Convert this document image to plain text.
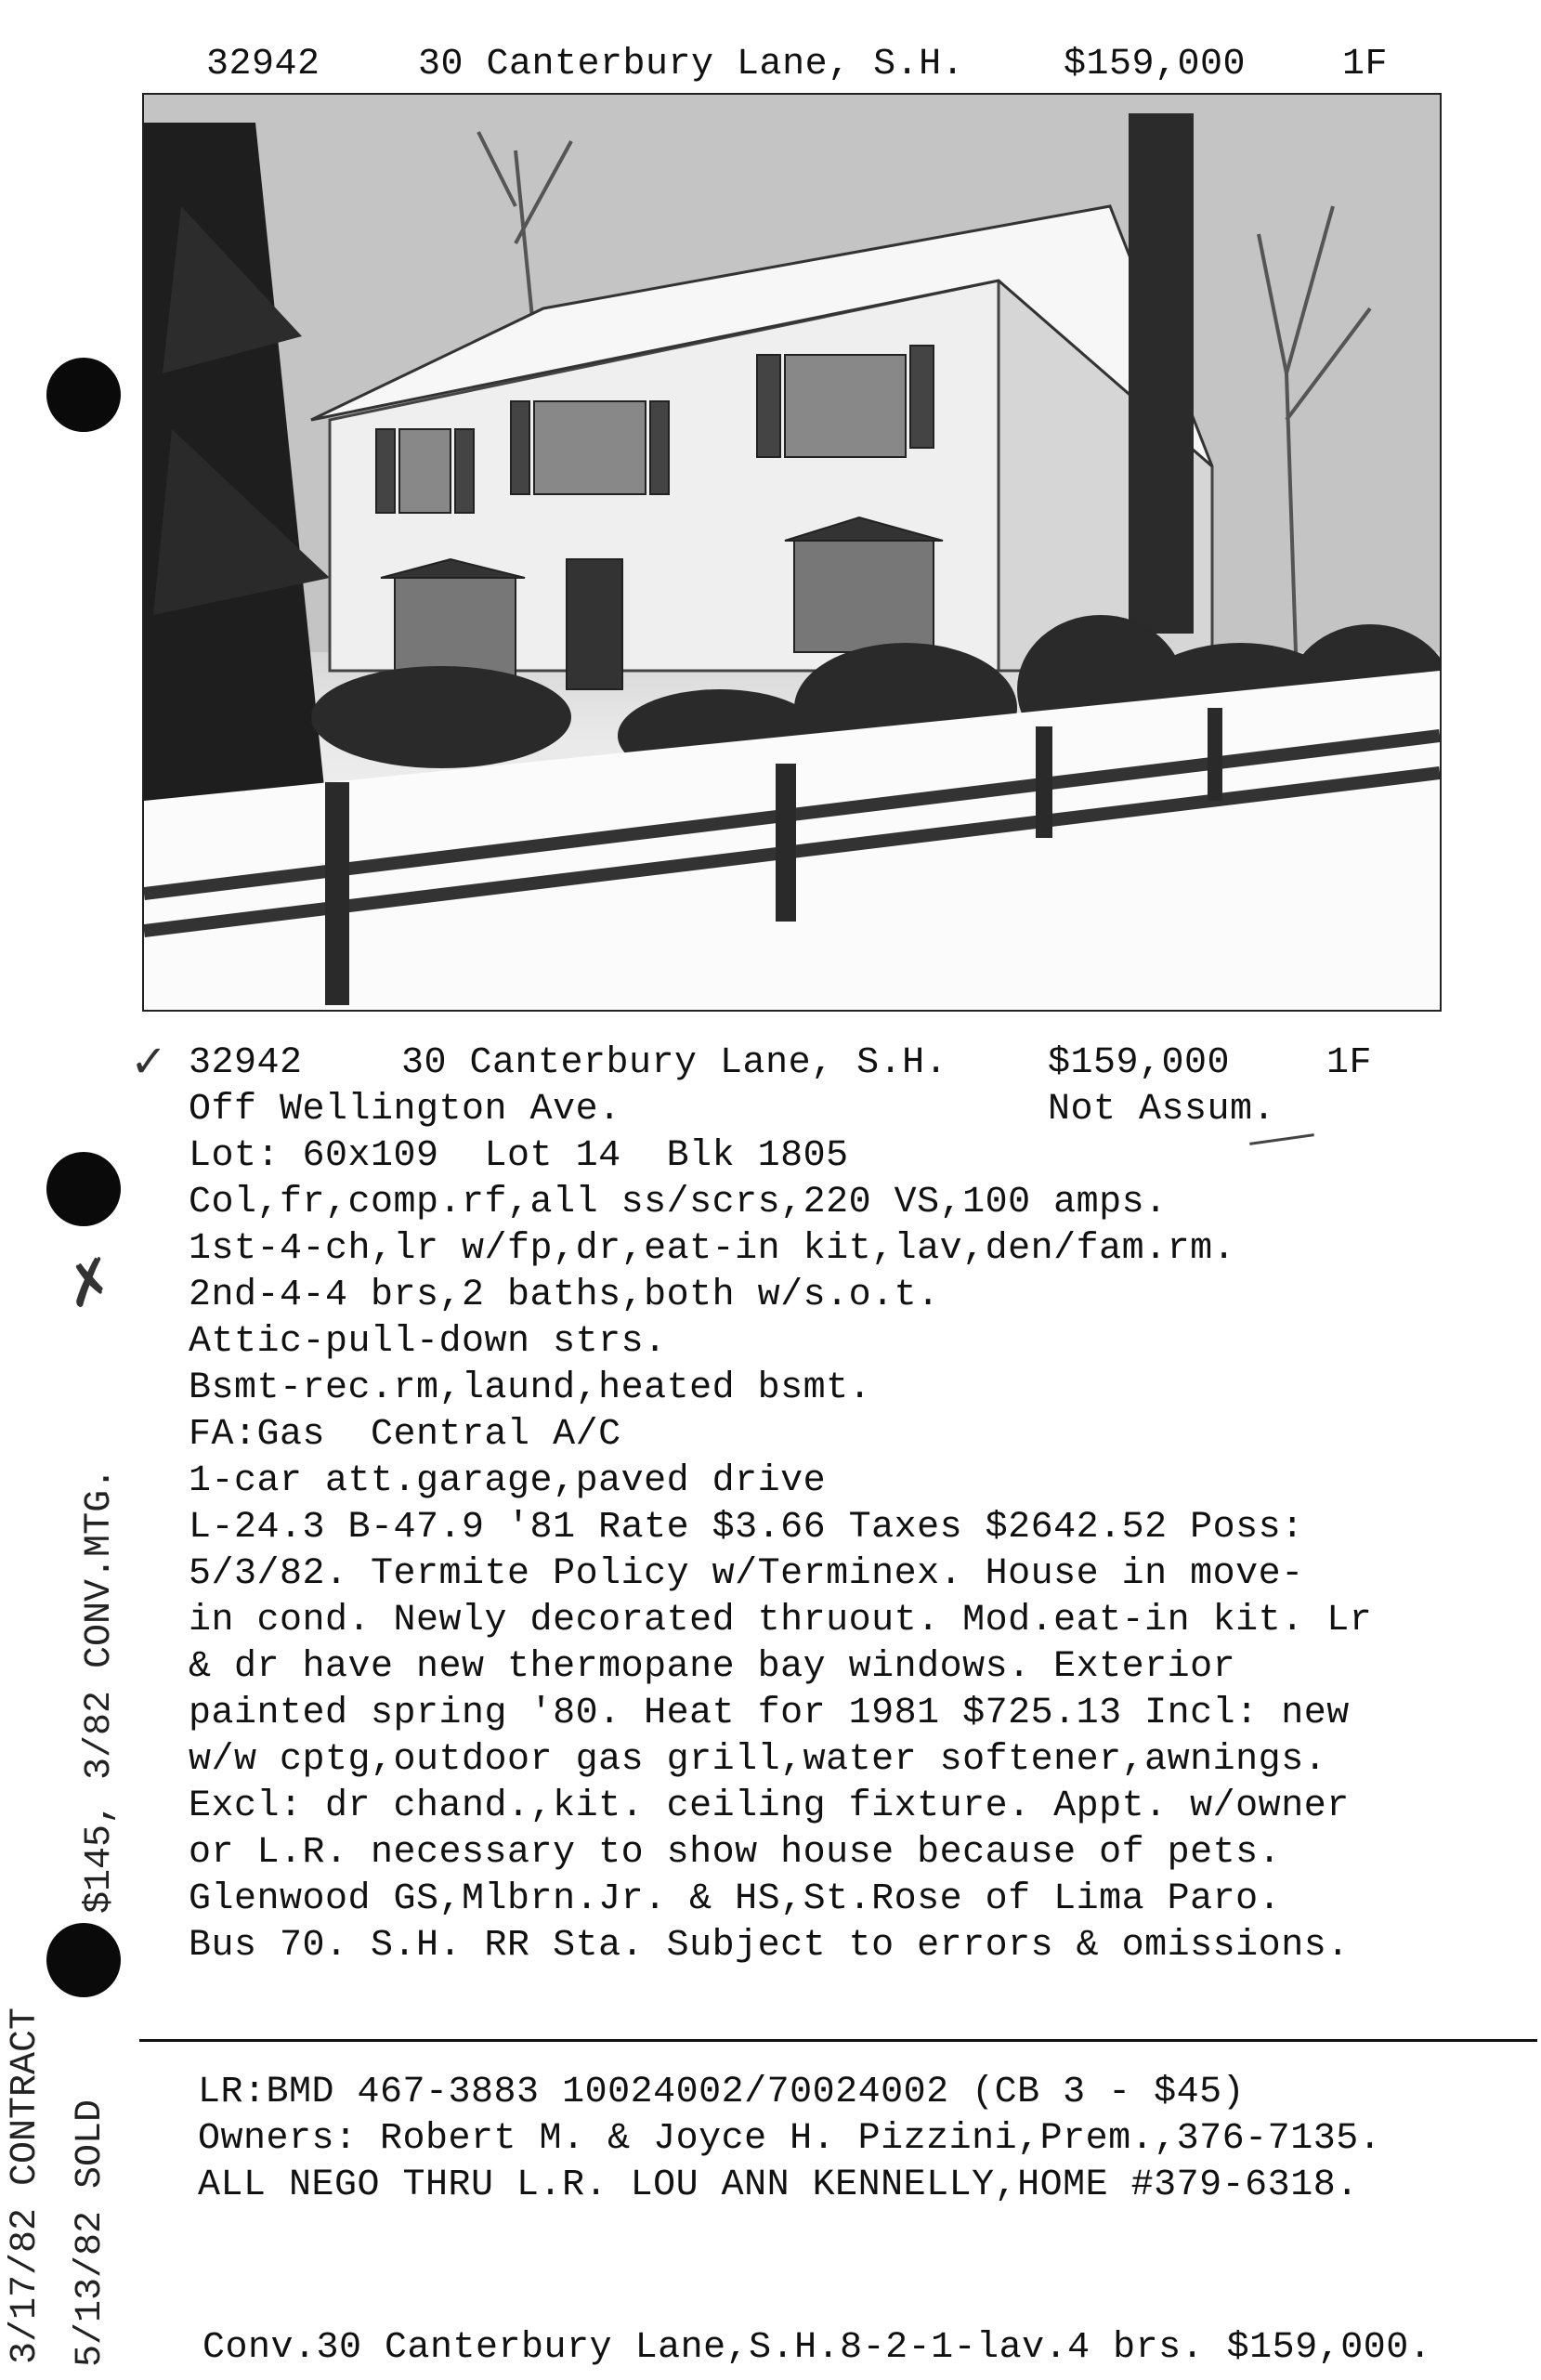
32942	30 Canterbury Lane, S.H.	$159,000	1F
✓ 32942	30 Canterbury Lane, S.H.	$159,000	1F
Off Wellington Ave.	Not Assum.
Lot: 60x109  Lot 14  Blk 1805
Col,fr,comp.rf,all ss/scrs,220 VS,100 amps.
1st-4-ch,lr w/fp,dr,eat-in kit,lav,den/fam.rm.
2nd-4-4 brs,2 baths,both w/s.o.t.
Attic-pull-down strs.
Bsmt-rec.rm,laund,heated bsmt.
FA:Gas  Central A/C
1-car att.garage,paved drive
L-24.3 B-47.9 '81 Rate $3.66 Taxes $2642.52 Poss:
5/3/82. Termite Policy w/Terminex. House in move-
in cond. Newly decorated thruout. Mod.eat-in kit. Lr
& dr have new thermopane bay windows. Exterior
painted spring '80. Heat for 1981 $725.13 Incl: new
w/w cptg,outdoor gas grill,water softener,awnings.
Excl: dr chand.,kit. ceiling fixture. Appt. w/owner
or L.R. necessary to show house because of pets.
Glenwood GS,Mlbrn.Jr. & HS,St.Rose of Lima Paro.
Bus 70. S.H. RR Sta. Subject to errors & omissions.
✗
LR:BMD 467-3883 10024002/70024002 (CB 3 - $45)
Owners: Robert M. & Joyce H. Pizzini,Prem.,376-7135.
ALL NEGO THRU L.R. LOU ANN KENNELLY,HOME #379-6318.
Conv.30 Canterbury Lane,S.H.8-2-1-lav.4 brs. $159,000.
3/17/82 CONTRACT 5/13/82 SOLD
$145, 3/82 CONV.MTG.
